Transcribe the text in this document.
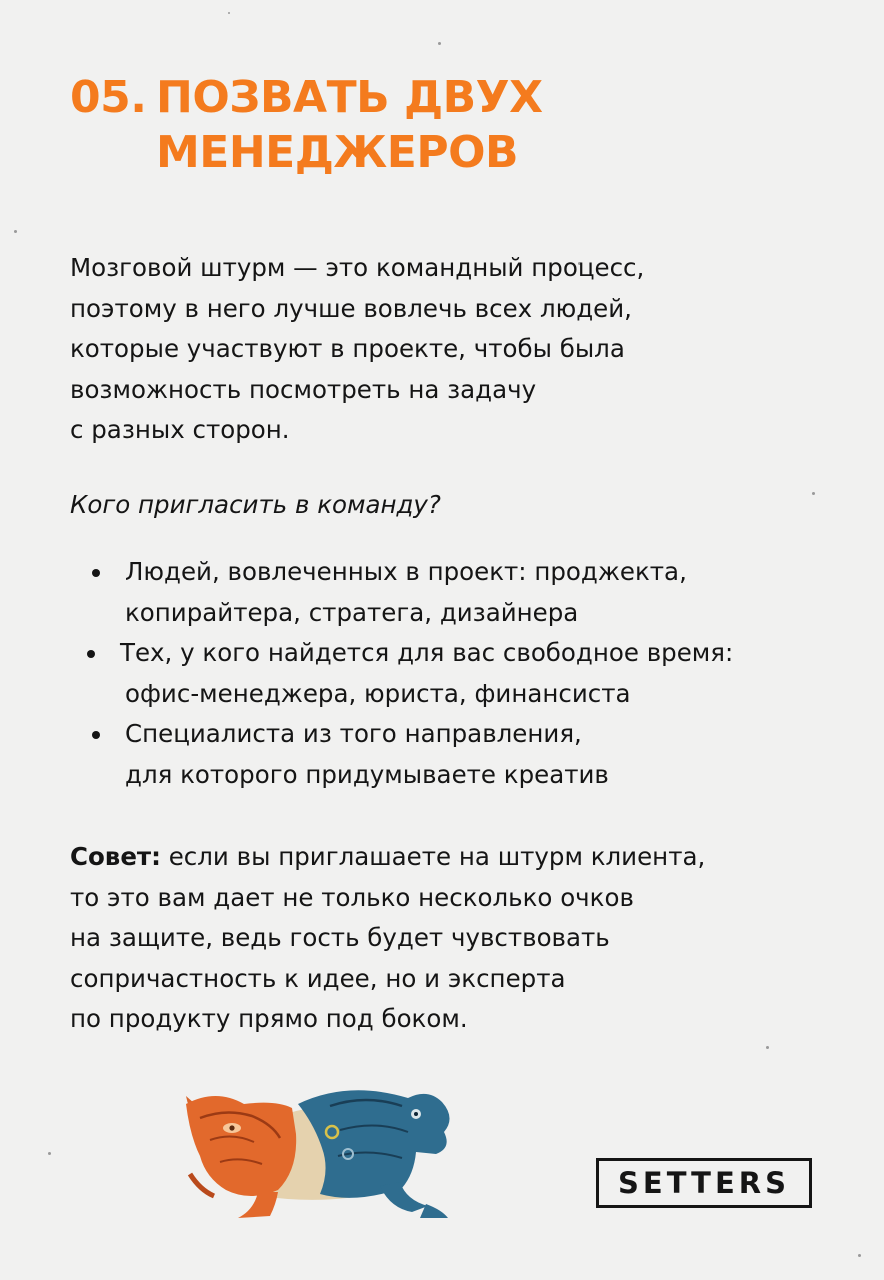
05. ПОЗВАТЬ ДВУХ
МЕНЕДЖЕРОВ

Мозговой штурм — это командный процесс,
поэтому в него лучше вовлечь всех людей,
которые участвуют в проекте, чтобы была
возможность посмотреть на задачу
с разных сторон.

Кого пригласить в команду?

Людей, вовлеченных в проект: проджекта,
копирайтера, стратега, дизайнера
Тех, у кого найдется для вас свободное время:
офис-менеджера, юриста, финансиста
Специалиста из того направления,
для которого придумываете креатив

Совет: если вы приглашаете на штурм клиента,
то это вам дает не только несколько очков
на защите, ведь гость будет чувствовать
сопричастность к идее, но и эксперта
по продукту прямо под боком.

SETTERS
